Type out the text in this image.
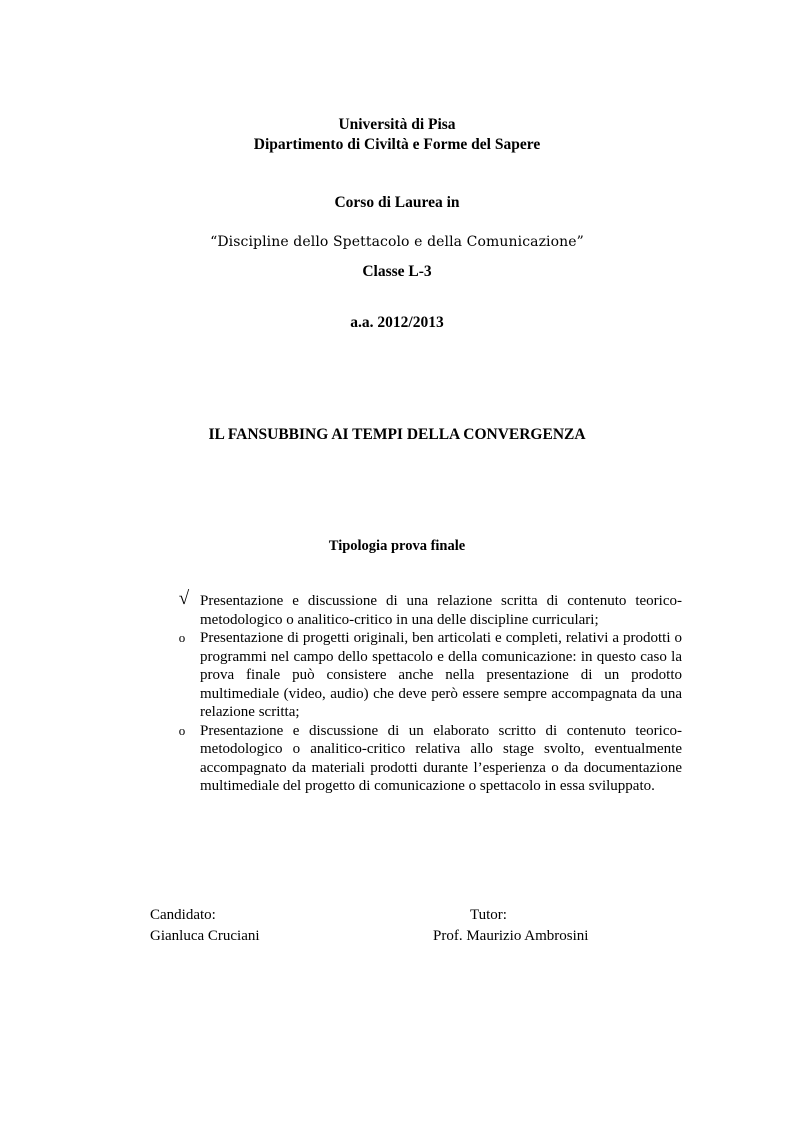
Università di Pisa
Dipartimento di Civiltà e Forme del Sapere
Corso di Laurea in
“Discipline dello Spettacolo e della Comunicazione”
Classe L-3
a.a. 2012/2013
IL FANSUBBING AI TEMPI DELLA CONVERGENZA
Tipologia prova finale
√ Presentazione e discussione di una relazione scritta di contenuto teorico-metodologico o analitico-critico in una delle discipline curriculari;
o Presentazione di progetti originali, ben articolati e completi, relativi a prodotti o programmi nel campo dello spettacolo e della comunicazione: in questo caso la prova finale può consistere anche nella presentazione di un prodotto multimediale (video, audio) che deve però essere sempre accompagnata da una relazione scritta;
o Presentazione e discussione di un elaborato scritto di contenuto teorico-metodologico o analitico-critico relativa allo stage svolto, eventualmente accompagnato da materiali prodotti durante l’esperienza o da documentazione multimediale del progetto di comunicazione o spettacolo in essa sviluppato.
Candidato:
Gianluca Cruciani
Tutor:
Prof. Maurizio Ambrosini
